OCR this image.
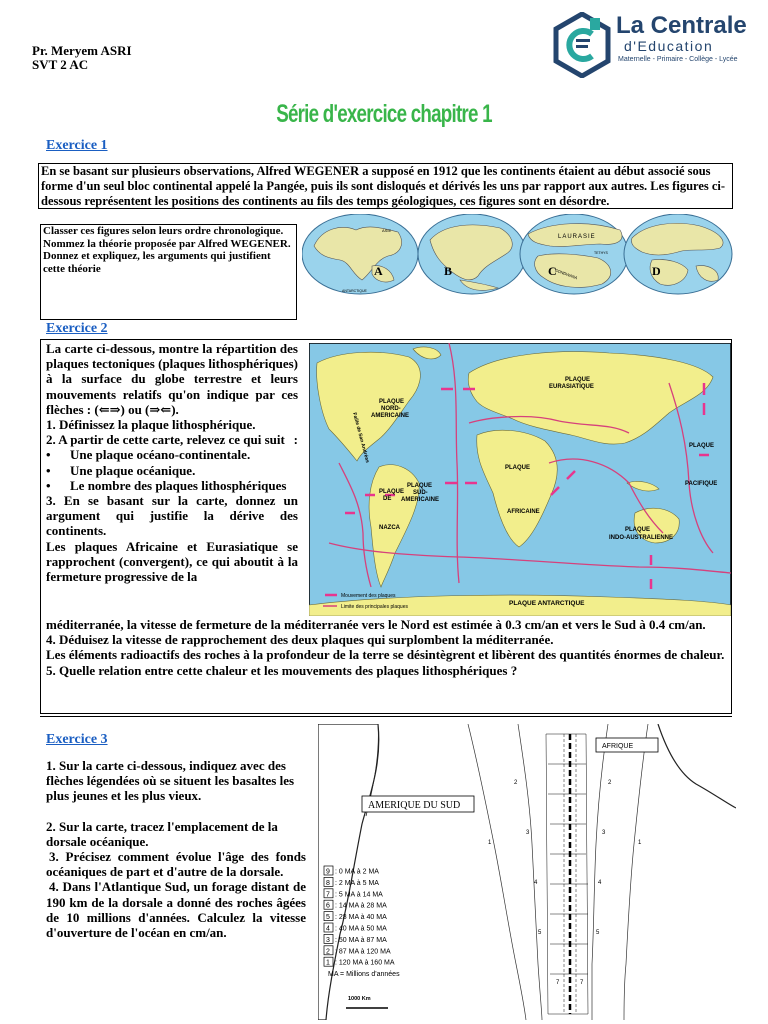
Pr. Meryem ASRI
SVT 2 AC
La Centrale
d'Education
Maternelle - Primaire - Collège - Lycée
Série d'exercice chapitre 1
Exercice 1
En se basant sur plusieurs observations, Alfred WEGENER a supposé en 1912 que les continents étaient au début associé sous forme d'un seul bloc continental appelé la Pangée, puis ils sont disloqués et dérivés les uns par rapport aux autres. Les figures ci-dessous représentent les positions des continents au fils des temps géologiques, ces figures sont en désordre.

Classer ces figures selon leurs ordre chronologique.

Nommez la théorie proposée par Alfred WEGENER.

Donnez et expliquez, les arguments qui justifient cette théorie

ASIE
ANTARCTIQUE
LAURASIE
TETHYS
GONDWANA
A	B	C	D
Exercice 2

La carte ci-dessous, montre la répartition des plaques tectoniques (plaques lithosphériques) à la surface du globe terrestre et leurs mouvements relatifs qu'on indique par ces flèches : (⇐⇒) ou (⇒⇐).

1. Définissez la plaque lithosphérique.

2. A partir de cette carte, relevez ce qui suit :

•	Une plaque océano-continentale.
•	Une plaque océanique.
•	Le nombre des plaques lithosphériques

3. En se basant sur la carte, donnez un argument qui justifie la dérive des continents.

Les plaques Africaine et Eurasiatique se rapprochent (convergent), ce qui aboutit à la fermeture progressive de la

méditerranée, la vitesse de fermeture de la méditerranée vers le Nord est estimée à 0.3 cm/an et vers le Sud à 0.4 cm/an.

4. Déduisez la vitesse de rapprochement des deux plaques qui surplombent la méditerranée.

Les éléments radioactifs des roches à la profondeur de la terre se désintègrent et libèrent des quantités énormes de chaleur.

5. Quelle relation entre cette chaleur et les mouvements des plaques lithosphériques ?

PLAQUE
NORD-
AMERICAINE
PLAQUE
EURASIATIQUE
PLAQUE
AFRICAINE
PLAQUE
SUD-
AMERICAINE
PLAQUE
DE
NAZCA
PLAQUE
PACIFIQUE
PLAQUE
INDO-AUSTRALIENNE
PLAQUE ANTARCTIQUE
Faille de San Andréas
Mouvement des plaques
Limite des principales plaques
Exercice 3

1. Sur la carte ci-dessous, indiquez avec des flèches légendées où se situent les basaltes les plus jeunes et les plus vieux.

2. Sur la carte, tracez l'emplacement de la dorsale océanique.

3. Précisez comment évolue l'âge des fonds océaniques de part et d'autre de la dorsale.

4. Dans l'Atlantique Sud, un forage distant de 190 km de la dorsale a donné des roches âgées de 10 millions d'années. Calculez la vitesse d'ouverture de l'océan en cm/an.

2	2
3	3
4	4
5	5
7	7
1	1
AFRIQUE
AMERIQUE DU SUD
9 : 0 MA à 2 MA
8 : 2 MA à 5 MA
7 : 5 MA à 14 MA
6 : 14 MA à 28 MA
5 : 28 MA à 40 MA
4 : 40 MA à 50 MA
3 : 50 MA à 87 MA
2 : 87 MA à 120 MA
1 : 120 MA à 160 MA
MA = Millions d'années
1000 Km
